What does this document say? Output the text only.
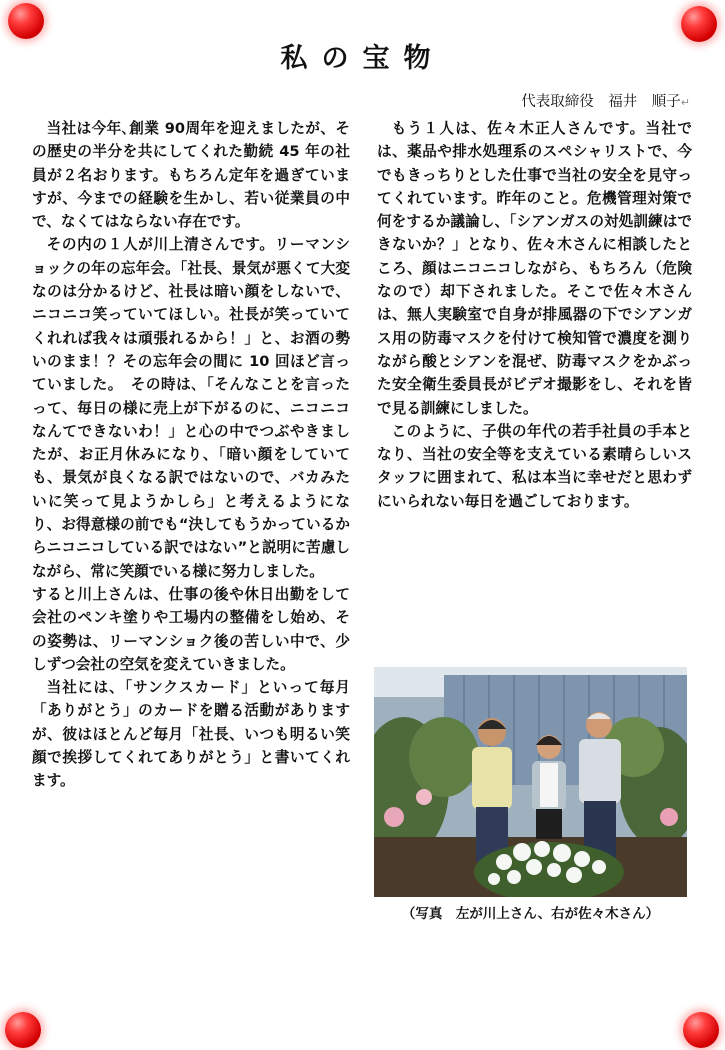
私の宝物
代表取締役　福井　順子↵

当社は今年､創業 90周年を迎えましたが、その歴史の半分を共にしてくれた勤続 45 年の社員が２名おります。もちろん定年を過ぎていますが、今までの経験を生かし、若い従業員の中で、なくてはならない存在です。

その内の１人が川上清さんです。リーマンショックの年の忘年会。「社長、景気が悪くて大変なのは分かるけど、社長は暗い顔をしないで、ニコニコ笑っていてほしい。社長が笑っていてくれれば我々は頑張れるから！」と、お酒の勢いのまま！？その忘年会の間に 10 回ほど言っていました。　その時は､「そんなことを言ったって、毎日の様に売上が下がるのに、ニコニコなんてできないわ！」と心の中でつぶやきましたが、お正月休みになり、「暗い顔をしていても、景気が良くなる訳ではないので、バカみたいに笑って見ようかしら」と考えるようになり、お得意様の前でも“決してもうかっているからニコニコしている訳ではない”と説明に苦慮しながら、常に笑顔でいる様に努力しました。

すると川上さんは、仕事の後や休日出勤をして会社のペンキ塗りや工場内の整備をし始め、その姿勢は、リーマンショク後の苦しい中で、少しずつ会社の空気を変えていきました。

当社には、「サンクスカード」といって毎月「ありがとう」のカードを贈る活動がありますが、彼はほとんど毎月「社長、いつも明るい笑顔で挨拶してくれてありがとう」と書いてくれます。

もう１人は、佐々木正人さんです。当社では、薬品や排水処理系のスペシャリストで、今でもきっちりとした仕事で当社の安全を見守ってくれています。昨年のこと。危機管理対策で何をするか議論し、「シアンガスの対処訓練はできないか？」となり、佐々木さんに相談したところ、顔はニコニコしながら、もちろん（危険なので）却下されました。そこで佐々木さんは、無人実験室で自身が排風器の下でシアンガス用の防毒マスクを付けて検知管で濃度を測りながら酸とシアンを混ぜ、防毒マスクをかぶった安全衛生委員長がビデオ撮影をし、それを皆で見る訓練にしました。

このように、子供の年代の若手社員の手本となり、当社の安全等を支えている素晴らしいスタッフに囲まれて、私は本当に幸せだと思わずにいられない毎日を過ごしております。

（写真　左が川上さん、右が佐々木さん）
